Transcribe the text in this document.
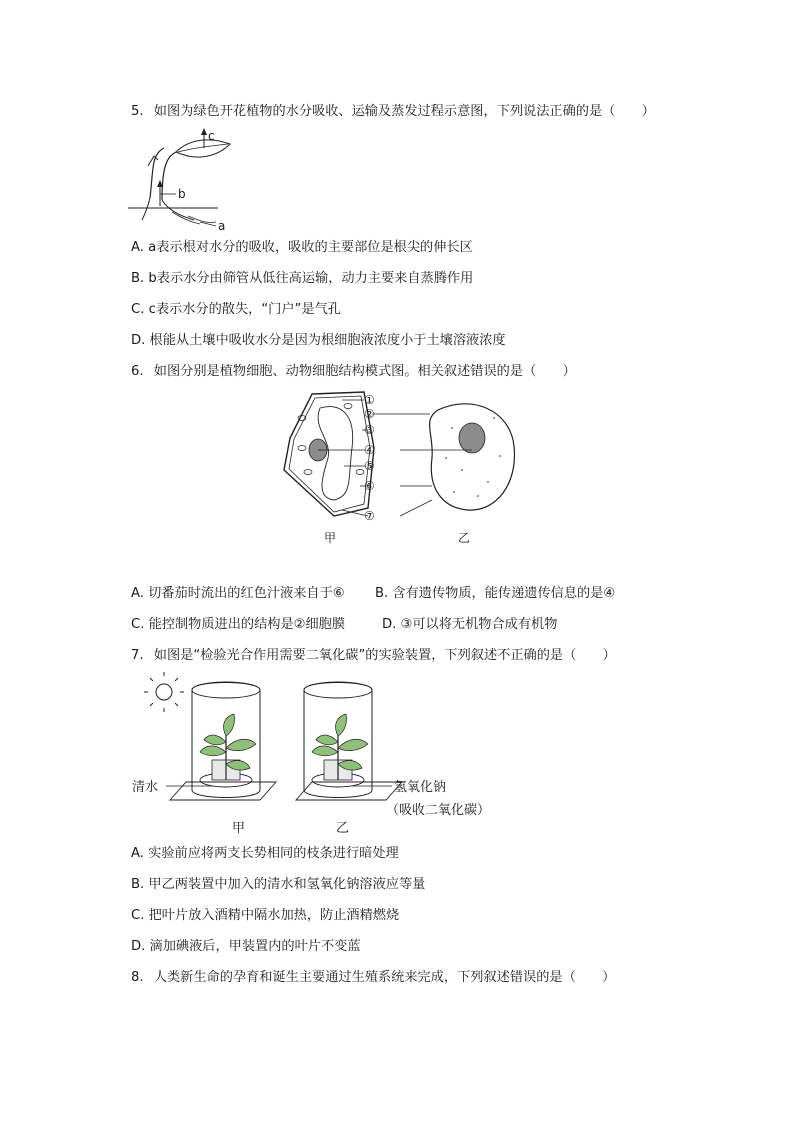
5. 如图为绿色开花植物的水分吸收、运输及蒸发过程示意图，下列说法正确的是（　　）
c
b
a
A. a表示根对水分的吸收，吸收的主要部位是根尖的伸长区
B. b表示水分由筛管从低往高运输，动力主要来自蒸腾作用
C. c表示水分的散失，“门户”是气孔
D. 根能从土壤中吸收水分是因为根细胞液浓度小于土壤溶液浓度
6. 如图分别是植物细胞、动物细胞结构模式图。相关叙述错误的是（　　）
①
②
③
④
⑤
⑥
⑦
甲	乙
A. 切番茄时流出的红色汁液来自于⑥ B. 含有遗传物质，能传递遗传信息的是④
C. 能控制物质进出的结构是②细胞膜	D. ③可以将无机物合成有机物
7. 如图是“检验光合作用需要二氧化碳”的实验装置，下列叙述不正确的是（　　）
清水	氢氧化钠
（吸收二氧化碳）
甲	乙
A. 实验前应将两支长势相同的枝条进行暗处理
B. 甲乙两装置中加入的清水和氢氧化钠溶液应等量
C. 把叶片放入酒精中隔水加热，防止酒精燃烧
D. 滴加碘液后，甲装置内的叶片不变蓝
8. 人类新生命的孕育和诞生主要通过生殖系统来完成，下列叙述错误的是（　　）
